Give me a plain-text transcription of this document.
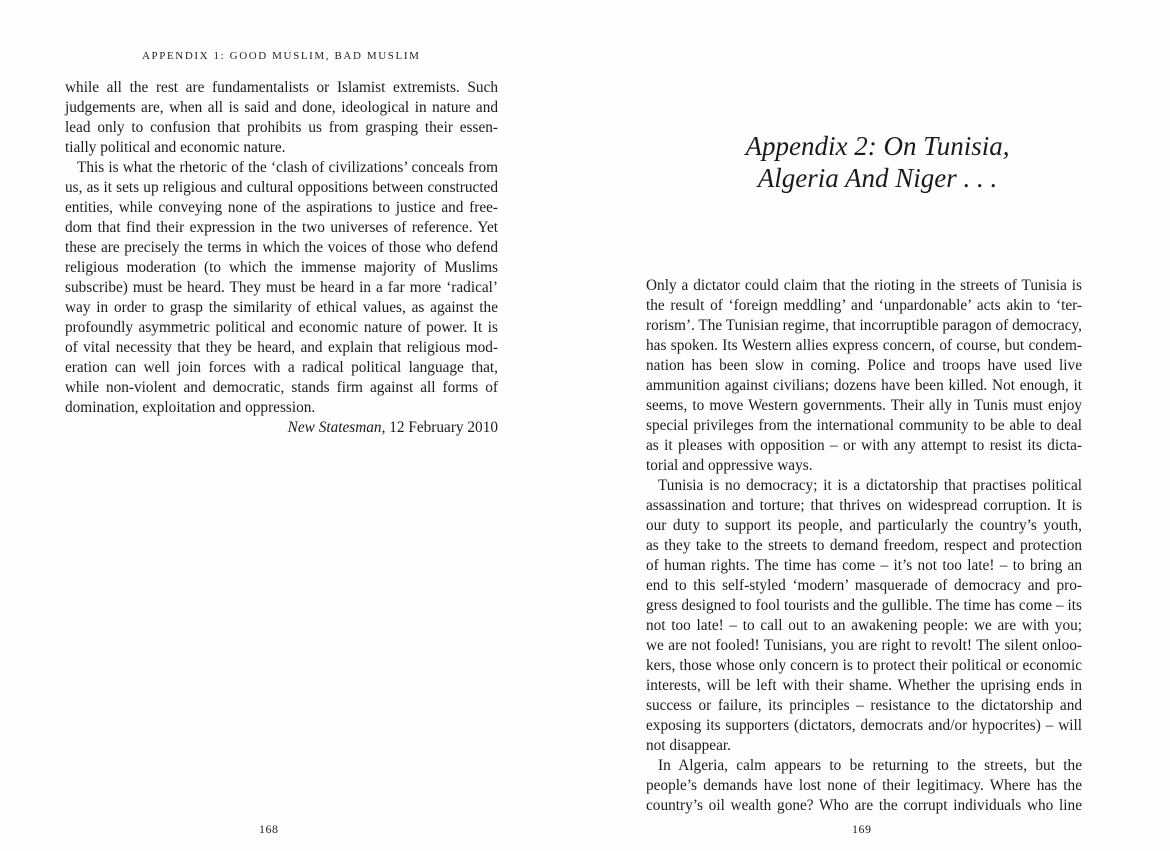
APPENDIX 1: GOOD MUSLIM, BAD MUSLIM
while all the rest are fundamentalists or Islamist extremists. Such
judgements are, when all is said and done, ideological in nature and
lead only to confusion that prohibits us from grasping their essen-
tially political and economic nature.
This is what the rhetoric of the ‘clash of civilizations’ conceals from
us, as it sets up religious and cultural oppositions between constructed
entities, while conveying none of the aspirations to justice and free-
dom that find their expression in the two universes of reference. Yet
these are precisely the terms in which the voices of those who defend
religious moderation (to which the immense majority of Muslims
subscribe) must be heard. They must be heard in a far more ‘radical’
way in order to grasp the similarity of ethical values, as against the
profoundly asymmetric political and economic nature of power. It is
of vital necessity that they be heard, and explain that religious mod-
eration can well join forces with a radical political language that,
while non-violent and democratic, stands firm against all forms of
domination, exploitation and oppression.
New Statesman, 12 February 2010
168
Appendix 2: On Tunisia,
Algeria And Niger . . .
Only a dictator could claim that the rioting in the streets of Tunisia is
the result of ‘foreign meddling’ and ‘unpardonable’ acts akin to ‘ter-
rorism’. The Tunisian regime, that incorruptible paragon of democracy,
has spoken. Its Western allies express concern, of course, but condem-
nation has been slow in coming. Police and troops have used live
ammunition against civilians; dozens have been killed. Not enough, it
seems, to move Western governments. Their ally in Tunis must enjoy
special privileges from the international community to be able to deal
as it pleases with opposition – or with any attempt to resist its dicta-
torial and oppressive ways.
Tunisia is no democracy; it is a dictatorship that practises political
assassination and torture; that thrives on widespread corruption. It is
our duty to support its people, and particularly the country’s youth,
as they take to the streets to demand freedom, respect and protection
of human rights. The time has come – it’s not too late! – to bring an
end to this self-styled ‘modern’ masquerade of democracy and pro-
gress designed to fool tourists and the gullible. The time has come – its
not too late! – to call out to an awakening people: we are with you;
we are not fooled! Tunisians, you are right to revolt! The silent onloo-
kers, those whose only concern is to protect their political or economic
interests, will be left with their shame. Whether the uprising ends in
success or failure, its principles – resistance to the dictatorship and
exposing its supporters (dictators, democrats and/or hypocrites) – will
not disappear.
In Algeria, calm appears to be returning to the streets, but the
people’s demands have lost none of their legitimacy. Where has the
country’s oil wealth gone? Who are the corrupt individuals who line
169
